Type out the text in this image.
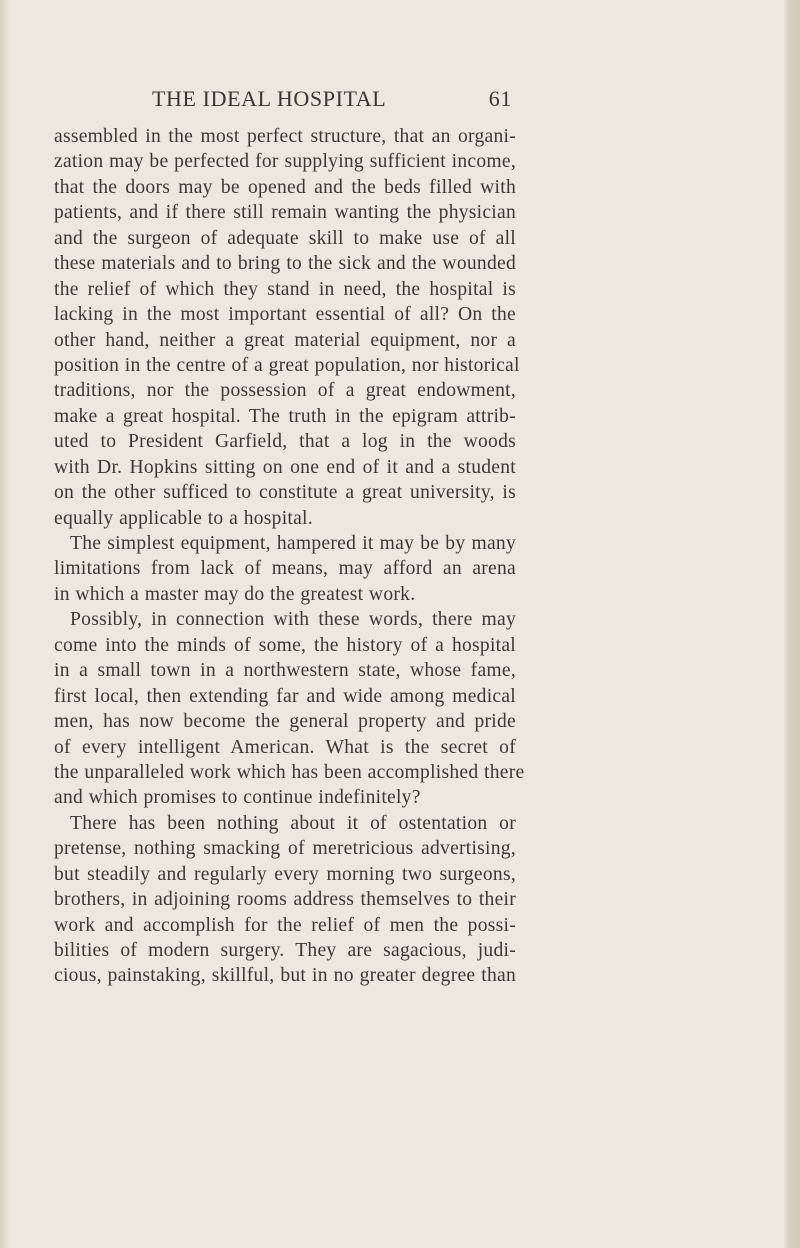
THE IDEAL HOSPITAL	61
assembled in the most perfect structure, that an organi-
zation may be perfected for supplying sufficient income,
that the doors may be opened and the beds filled with
patients, and if there still remain wanting the physician
and the surgeon of adequate skill to make use of all
these materials and to bring to the sick and the wounded
the relief of which they stand in need, the hospital is
lacking in the most important essential of all? On the
other hand, neither a great material equipment, nor a
position in the centre of a great population, nor historical
traditions, nor the possession of a great endowment,
make a great hospital. The truth in the epigram attrib-
uted to President Garfield, that a log in the woods
with Dr. Hopkins sitting on one end of it and a student
on the other sufficed to constitute a great university, is
equally applicable to a hospital.
The simplest equipment, hampered it may be by many
limitations from lack of means, may afford an arena
in which a master may do the greatest work.
Possibly, in connection with these words, there may
come into the minds of some, the history of a hospital
in a small town in a northwestern state, whose fame,
first local, then extending far and wide among medical
men, has now become the general property and pride
of every intelligent American. What is the secret of
the unparalleled work which has been accomplished there
and which promises to continue indefinitely?
There has been nothing about it of ostentation or
pretense, nothing smacking of meretricious advertising,
but steadily and regularly every morning two surgeons,
brothers, in adjoining rooms address themselves to their
work and accomplish for the relief of men the possi-
bilities of modern surgery. They are sagacious, judi-
cious, painstaking, skillful, but in no greater degree than
